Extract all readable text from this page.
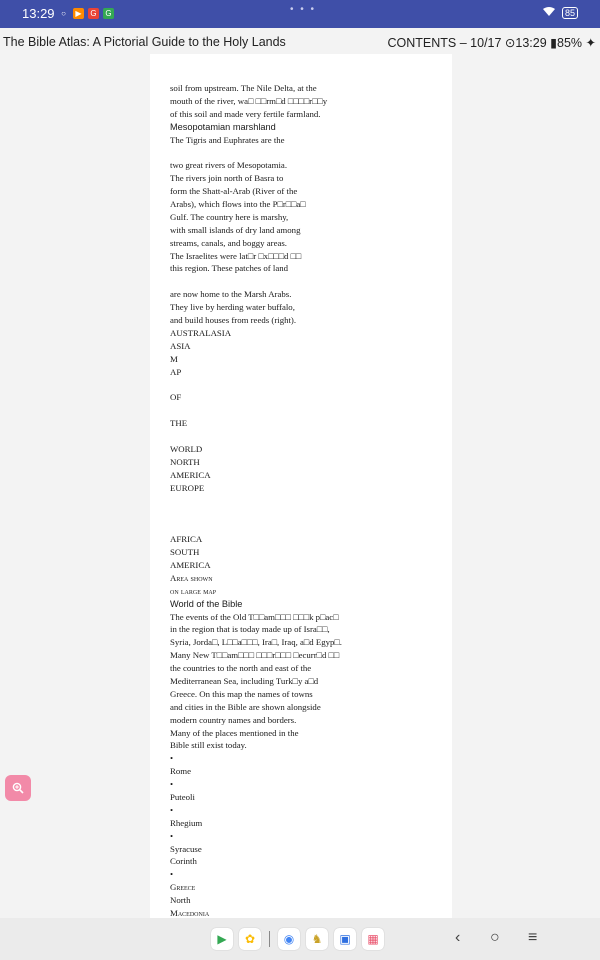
13:29 ○	▶	G G	• • •	85
The Bible Atlas: A Pictorial Guide to the Holy Lands	CONTENTS – 10/17 ⊙13:29 ▮85% ✦
soil from upstream. The Nile Delta, at the
mouth of the river, wa□ □□rm□d □□□□r□□y
of this soil and made very fertile farmland.
Mesopotamian marshland
The Tigris and Euphrates are the
two great rivers of Mesopotamia.
The rivers join north of Basra to
form the Shatt-al-Arab (River of the
Arabs), which flows into the P□r□□a□
Gulf. The country here is marshy,
with small islands of dry land among
streams, canals, and boggy areas.
The Israelites were lat□r □x□□□d □□
this region. These patches of land
are now home to the Marsh Arabs.
They live by herding water buffalo,
and build houses from reeds (right).
AUSTRALASIA
ASIA
M
AP
OF
THE
WORLD
NORTH
AMERICA
EUROPE
AFRICA
SOUTH
AMERICA
Area shown
on large map
World of the Bible
The events of the Old T□□am□□□ □□□k p□ac□
in the region that is today made up of Isra□□,
Syria, Jorda□, L□□a□□□, Ira□, Iraq, a□d Egyp□.
Many New T□□am□□□ □□□r□□□ □ecurr□d □□
the countries to the north and east of the
Mediterranean Sea, including Turk□y a□d
Greece. On this map the names of towns
and cities in the Bible are shown alongside
modern country names and borders.
Many of the places mentioned in the
Bible still exist today.
•
Rome
•
Puteoli
•
Rhegium
•
Syracuse
Corinth
•
Greece
North
Macedonia
▶	✿	◉	♞	▣	▦	‹ ○ ≡
